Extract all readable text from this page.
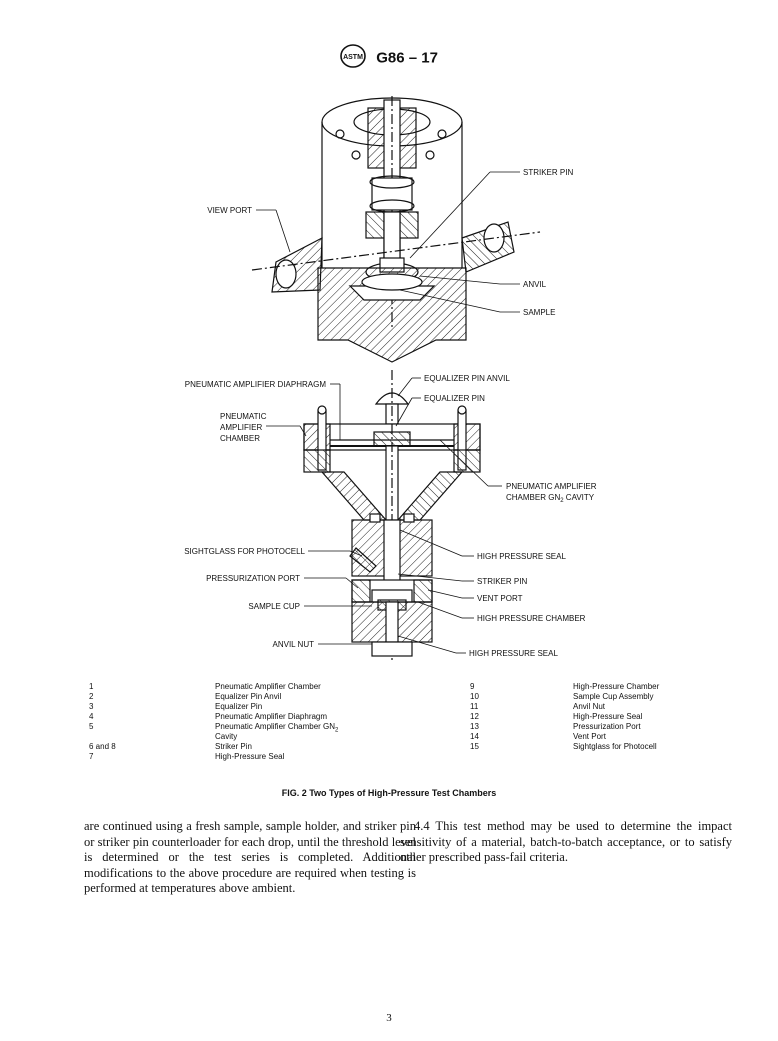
ASTM G86 – 17
VIEW PORT
STRIKER PIN
ANVIL
SAMPLE
PNEUMATIC AMPLIFIER DIAPHRAGM
EQUALIZER PIN ANVIL
EQUALIZER PIN
PNEUMATIC
AMPLIFIER
CHAMBER
PNEUMATIC AMPLIFIER
CHAMBER $GN_2$ CAVITY
SIGHTGLASS FOR PHOTOCELL
HIGH PRESSURE SEAL
PRESSURIZATION PORT	STRIKER PIN
VENT PORT
SAMPLE CUP
HIGH PRESSURE CHAMBER
ANVIL NUT
HIGH PRESSURE SEAL
1	Pneumatic Amplifier Chamber
2	Equalizer Pin Anvil
3	Equalizer Pin
4	Pneumatic Amplifier Diaphragm
5	Pneumatic Amplifier Chamber $GN_2$
Cavity
6 and 8	Striker Pin
7	High-Pressure Seal
9	High-Pressure Chamber
10	Sample Cup Assembly
11	Anvil Nut
12	High-Pressure Seal
13	Pressurization Port
14	Vent Port
15	Sightglass for Photocell
FIG. 2 Two Types of High-Pressure Test Chambers
are continued using a fresh sample, sample holder, and striker pin or striker pin counterloader for each drop, until the threshold level is determined or the test series is completed. Additional modifications to the above procedure are required when testing is performed at temperatures above ambient.
4.4 This test method may be used to determine the impact sensitivity of a material, batch-to-batch acceptance, or to satisfy other prescribed pass-fail criteria.
3
